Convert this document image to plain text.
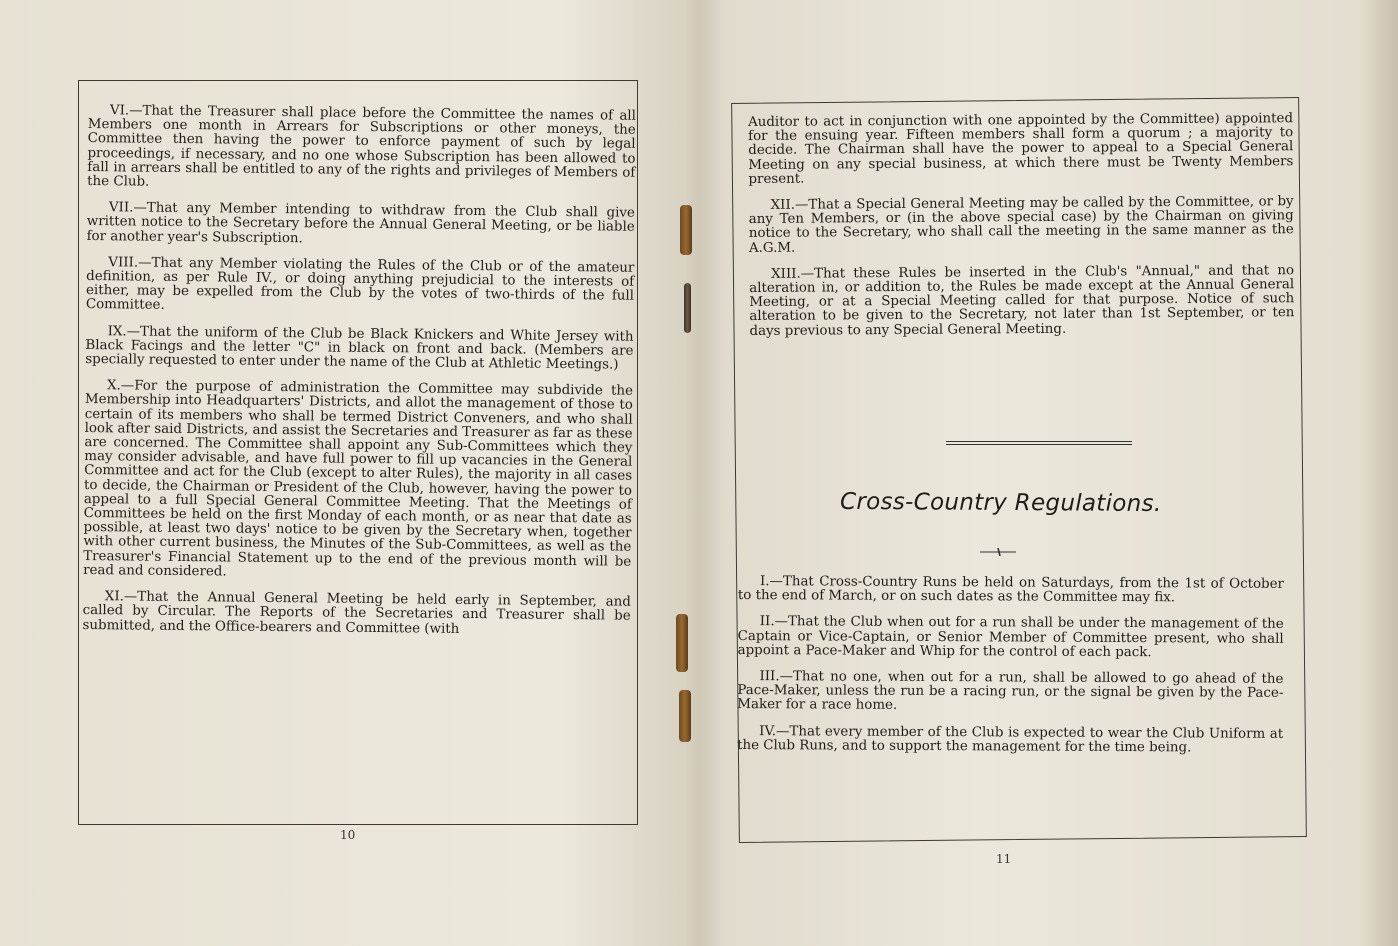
VI.—That the Treasurer shall place before the Committee the names of all Members one month in Arrears for Subscriptions or other moneys, the Committee then having the power to enforce payment of such by legal proceedings, if necessary, and no one whose Subscription has been allowed to fall in arrears shall be entitled to any of the rights and privileges of Members of the Club.

VII.—That any Member intending to withdraw from the Club shall give written notice to the Secretary before the Annual General Meeting, or be liable for another year's Subscription.

VIII.—That any Member violating the Rules of the Club or of the amateur definition, as per Rule IV., or doing anything prejudicial to the interests of either, may be expelled from the Club by the votes of two-thirds of the full Committee.

IX.—That the uniform of the Club be Black Knickers and White Jersey with Black Facings and the letter "C" in black on front and back. (Members are specially requested to enter under the name of the Club at Athletic Meetings.)

X.—For the purpose of administration the Committee may subdivide the Membership into Headquarters' Districts, and allot the management of those to certain of its members who shall be termed District Conveners, and who shall look after said Districts, and assist the Secretaries and Treasurer as far as these are concerned. The Committee shall appoint any Sub-Committees which they may consider advisable, and have full power to fill up vacancies in the General Committee and act for the Club (except to alter Rules), the majority in all cases to decide, the Chairman or President of the Club, however, having the power to appeal to a full Special General Committee Meeting. That the Meetings of Committees be held on the first Monday of each month, or as near that date as possible, at least two days' notice to be given by the Secretary when, together with other current business, the Minutes of the Sub-Committees, as well as the Treasurer's Financial Statement up to the end of the previous month will be read and considered.

XI.—That the Annual General Meeting be held early in September, and called by Circular. The Reports of the Secretaries and Treasurer shall be submitted, and the Office-bearers and Committee (with

10

Auditor to act in conjunction with one appointed by the Committee) appointed for the ensuing year. Fifteen members shall form a quorum ; a majority to decide. The Chairman shall have the power to appeal to a Special General Meeting on any special business, at which there must be Twenty Members present.

XII.—That a Special General Meeting may be called by the Committee, or by any Ten Members, or (in the above special case) by the Chairman on giving notice to the Secretary, who shall call the meeting in the same manner as the A.G.M.

XIII.—That these Rules be inserted in the Club's "Annual," and that no alteration in, or addition to, the Rules be made except at the Annual General Meeting, or at a Special Meeting called for that purpose. Notice of such alteration to be given to the Secretary, not later than 1st September, or ten days previous to any Special General Meeting.

Cross-Country Regulations.

I.—That Cross-Country Runs be held on Saturdays, from the 1st of October to the end of March, or on such dates as the Committee may fix.

II.—That the Club when out for a run shall be under the management of the Captain or Vice-Captain, or Senior Member of Committee present, who shall appoint a Pace-Maker and Whip for the control of each pack.

III.—That no one, when out for a run, shall be allowed to go ahead of the Pace-Maker, unless the run be a racing run, or the signal be given by the Pace-Maker for a race home.

IV.—That every member of the Club is expected to wear the Club Uniform at the Club Runs, and to support the management for the time being.

11
